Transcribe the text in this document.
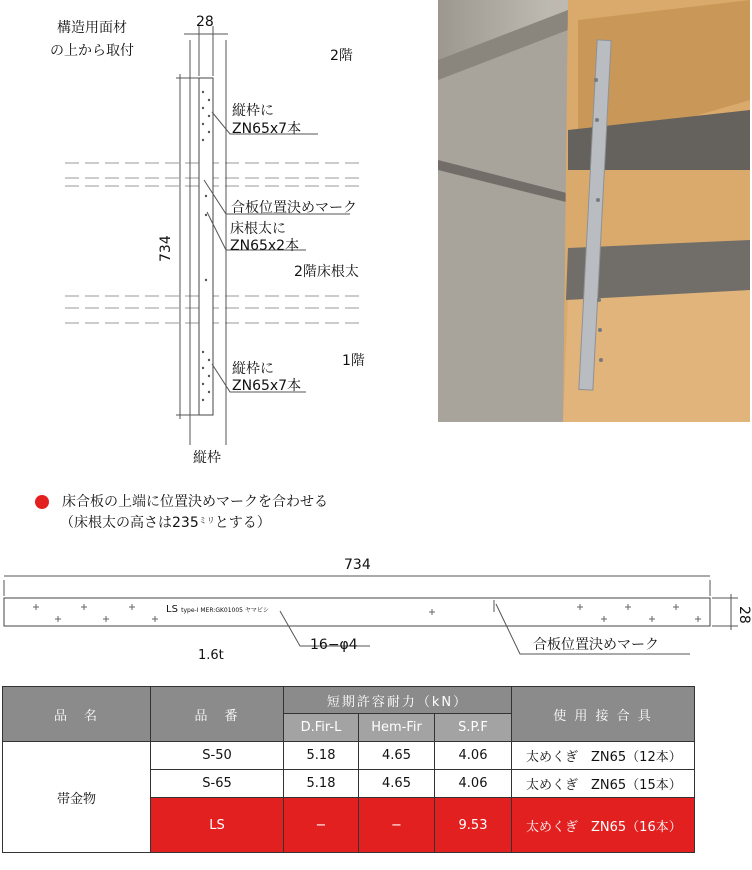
構造用面材
の上から取付
28
734
2階
縦枠に
ZN65x7本
合板位置決めマーク
床根太に
ZN65x2本
2階床根太
1階
縦枠に
ZN65x7本
縦枠
床合板の上端に位置決めマークを合わせる
（床根太の高さは$235^{ミリ}$とする）
734
28
LS type-Ⅰ MER:GK01005 ヤマビシ
1.6t
16−φ4	合板位置決めマーク
品　名	品　番	短期許容耐力（kN）			使 用 接 合 具
		D.Fir-L	Hem-Fir	S.P.F	
帯金物	S-50	5.18	4.65	4.06	太めくぎ　ZN65（12本）
	S-65	5.18	4.65	4.06	太めくぎ　ZN65（15本）
	LS	−	−	9.53	太めくぎ　ZN65（16本）
